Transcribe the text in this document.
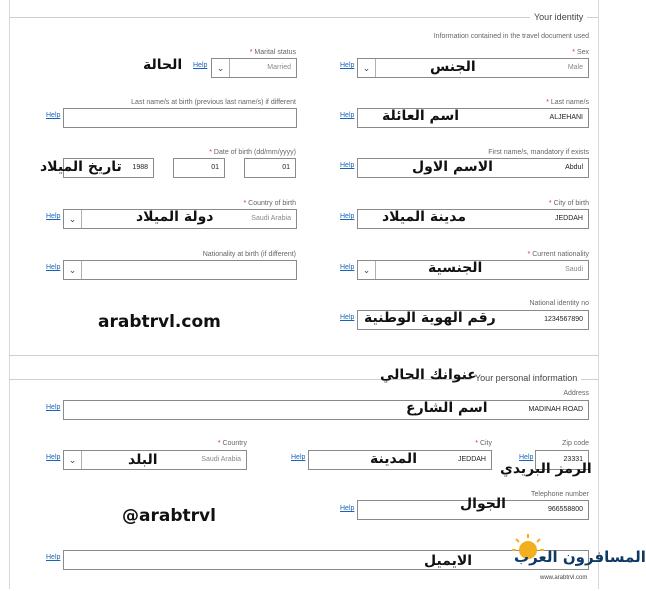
Your identity
Information contained in the travel document used
* Sex
Help ⌄	Male
الجنس
* Marital status
Help	⌄	Married
الحالة
* Last name/s
Help	ALJEHANI
اسم العائلة
Last name/s at birth (previous last name/s) if different
Help
First name/s, mandatory if exists
Help	Abdul
الاسم الاول
* Date of birth (dd/mm/yyyy)
01
01
1988
تاريخ الميلاد
* City of birth
Help	JEDDAH
مدينة الميلاد
* Country of birth
Help ⌄	Saudi Arabia
دولة الميلاد
* Current nationality
Help ⌄	Saudi
الجنسية
Nationality at birth (if different)
Help ⌄
National identity no
Help	1234567890
رقم الهوية الوطنية
arabtrvl.com
Your personal information
عنوانك الحالي
Address
Help	MADINAH ROAD
اسم الشارع
Zip code
Help	23331
الرمز البريدي
* City
Help	JEDDAH
المدينة
* Country
Help ⌄	Saudi Arabia
البلد
Telephone number
Help	966558800
الجوال
@arabtrvl
Help	الايميل	المسافرون العرب
www.arabtrvl.com
